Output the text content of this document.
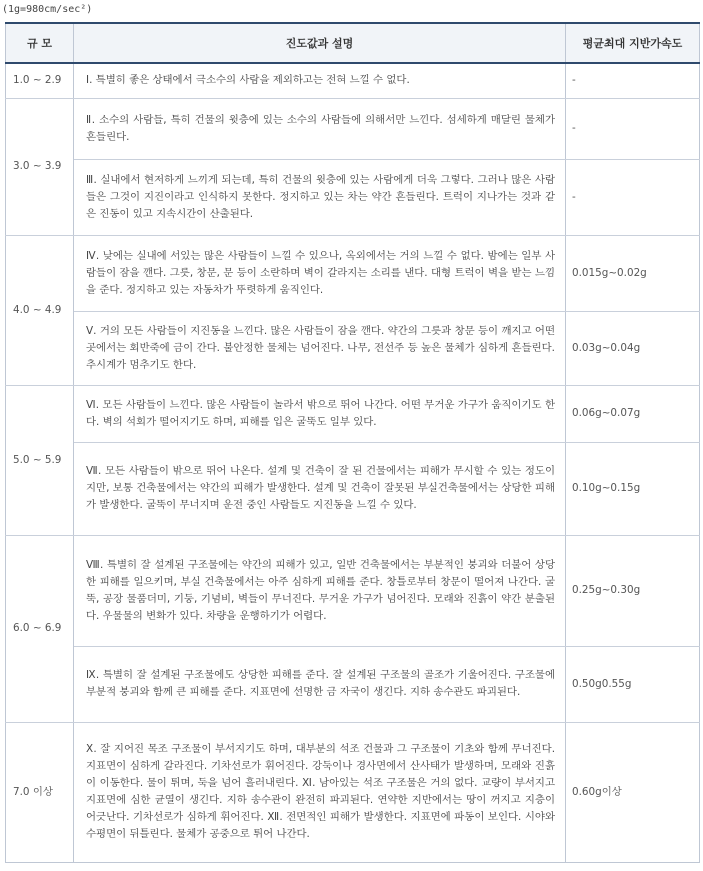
(1g=980cm/sec²)
규 모	진도값과 설명	평균최대 지반가속도
1.0 ~ 2.9	Ⅰ. 특별히 좋은 상태에서 극소수의 사람을 제외하고는 전혀 느낄 수 없다.	-
3.0 ~ 3.9	Ⅱ. 소수의 사람들, 특히 건물의 윗층에 있는 소수의 사람들에 의해서만 느낀다. 섬세하게 매달린 물체가 흔들린다.	-
	Ⅲ. 실내에서 현저하게 느끼게 되는데, 특히 건물의 윗층에 있는 사람에게 더욱 그렇다. 그러나 많은 사람들은 그것이 지진이라고 인식하지 못한다. 정지하고 있는 차는 약간 흔들린다. 트럭이 지나가는 것과 같은 진동이 있고 지속시간이 산출된다.	-
4.0 ~ 4.9	Ⅳ. 낮에는 실내에 서있는 많은 사람들이 느낄 수 있으나, 옥외에서는 거의 느낄 수 없다. 밤에는 일부 사람들이 잠을 깬다. 그릇, 창문, 문 등이 소란하며 벽이 갈라지는 소리를 낸다. 대형 트럭이 벽을 받는 느낌을 준다. 정지하고 있는 자동차가 뚜렷하게 움직인다.	0.015g~0.02g
	Ⅴ. 거의 모든 사람들이 지진동을 느낀다. 많은 사람들이 잠을 깬다. 약간의 그릇과 창문 등이 깨지고 어떤 곳에서는 회반죽에 금이 간다. 불안정한 물체는 넘어진다. 나무, 전선주 등 높은 물체가 심하게 흔들린다. 추시계가 멈추기도 한다.	0.03g~0.04g
5.0 ~ 5.9	Ⅵ. 모든 사람들이 느낀다. 많은 사람들이 놀라서 밖으로 뛰어 나간다. 어떤 무거운 가구가 움직이기도 한다. 벽의 석회가 떨어지기도 하며, 피해를 입은 굴뚝도 일부 있다.	0.06g~0.07g
	Ⅶ. 모든 사람들이 밖으로 뛰어 나온다. 설계 및 건축이 잘 된 건물에서는 피해가 무시할 수 있는 정도이지만, 보통 건축물에서는 약간의 피해가 발생한다. 설계 및 건축이 잘못된 부실건축물에서는 상당한 피해가 발생한다. 굴뚝이 무너지며 운전 중인 사람들도 지진동을 느낄 수 있다.	0.10g~0.15g
6.0 ~ 6.9	Ⅷ. 특별히 잘 설계된 구조물에는 약간의 피해가 있고, 일반 건축물에서는 부분적인 붕괴와 더불어 상당한 피해를 일으키며, 부실 건축물에서는 아주 심하게 피해를 준다. 창틀로부터 창문이 떨어져 나간다. 굴뚝, 공장 물품더미, 기둥, 기념비, 벽들이 무너진다. 무거운 가구가 넘어진다. 모래와 진흙이 약간 분출된다. 우물물의 변화가 있다. 차량을 운행하기가 어렵다.	0.25g~0.30g
	Ⅸ. 특별히 잘 설계된 구조물에도 상당한 피해를 준다. 잘 설계된 구조물의 골조가 기울어진다. 구조물에 부분적 붕괴와 함께 큰 피해를 준다. 지표면에 선명한 금 자국이 생긴다. 지하 송수관도 파괴된다.	0.50g0.55g
7.0 이상	Ⅹ. 잘 지어진 목조 구조물이 부서지기도 하며, 대부분의 석조 건물과 그 구조물이 기초와 함께 무너진다. 지표면이 심하게 갈라진다. 기차선로가 휘어진다. 강둑이나 경사면에서 산사태가 발생하며, 모래와 진흙이 이동한다. 물이 튀며, 둑을 넘어 흘러내린다. Ⅺ. 남아있는 석조 구조물은 거의 없다. 교량이 부서지고 지표면에 심한 균열이 생긴다. 지하 송수관이 완전히 파괴된다. 연약한 지반에서는 땅이 꺼지고 지층이 어긋난다. 기차선로가 심하게 휘어진다. Ⅻ. 전면적인 피해가 발생한다. 지표면에 파동이 보인다. 시야와 수평면이 뒤틀린다. 물체가 공중으로 튀어 나간다.	0.60g이상
